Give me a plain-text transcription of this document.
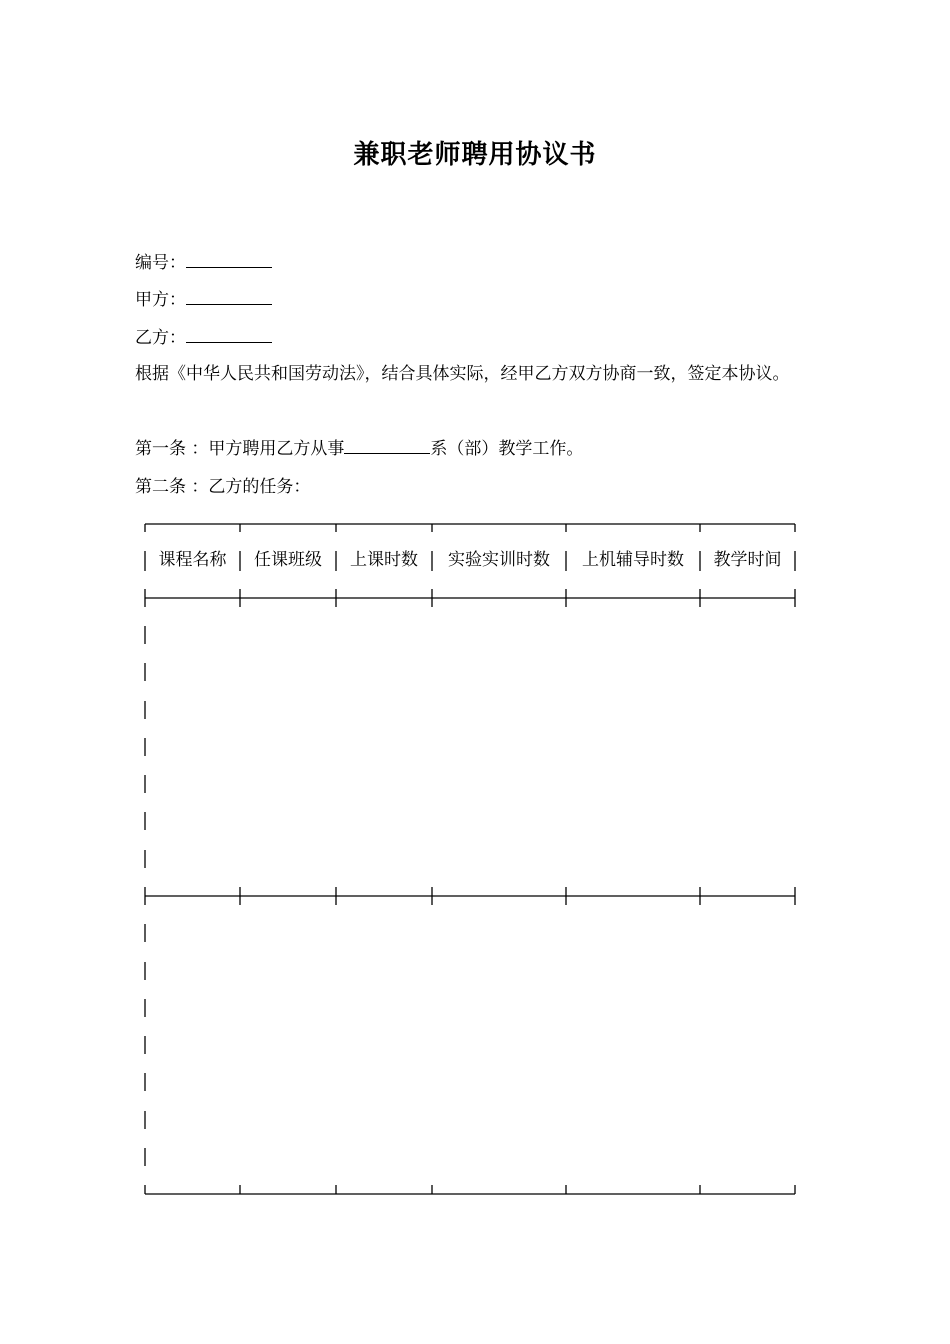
兼职老师聘用协议书
编号：
甲方：
乙方：
根据《中华人民共和国劳动法》，结合具体实际，经甲乙方双方协商一致，签定本协议。
第一条 ：甲方聘用乙方从事	系（部）教学工作。
第二条 ：乙方的任务：
课程名称	任课班级	上课时数	实验实训时数	上机辅导时数	教学时间
